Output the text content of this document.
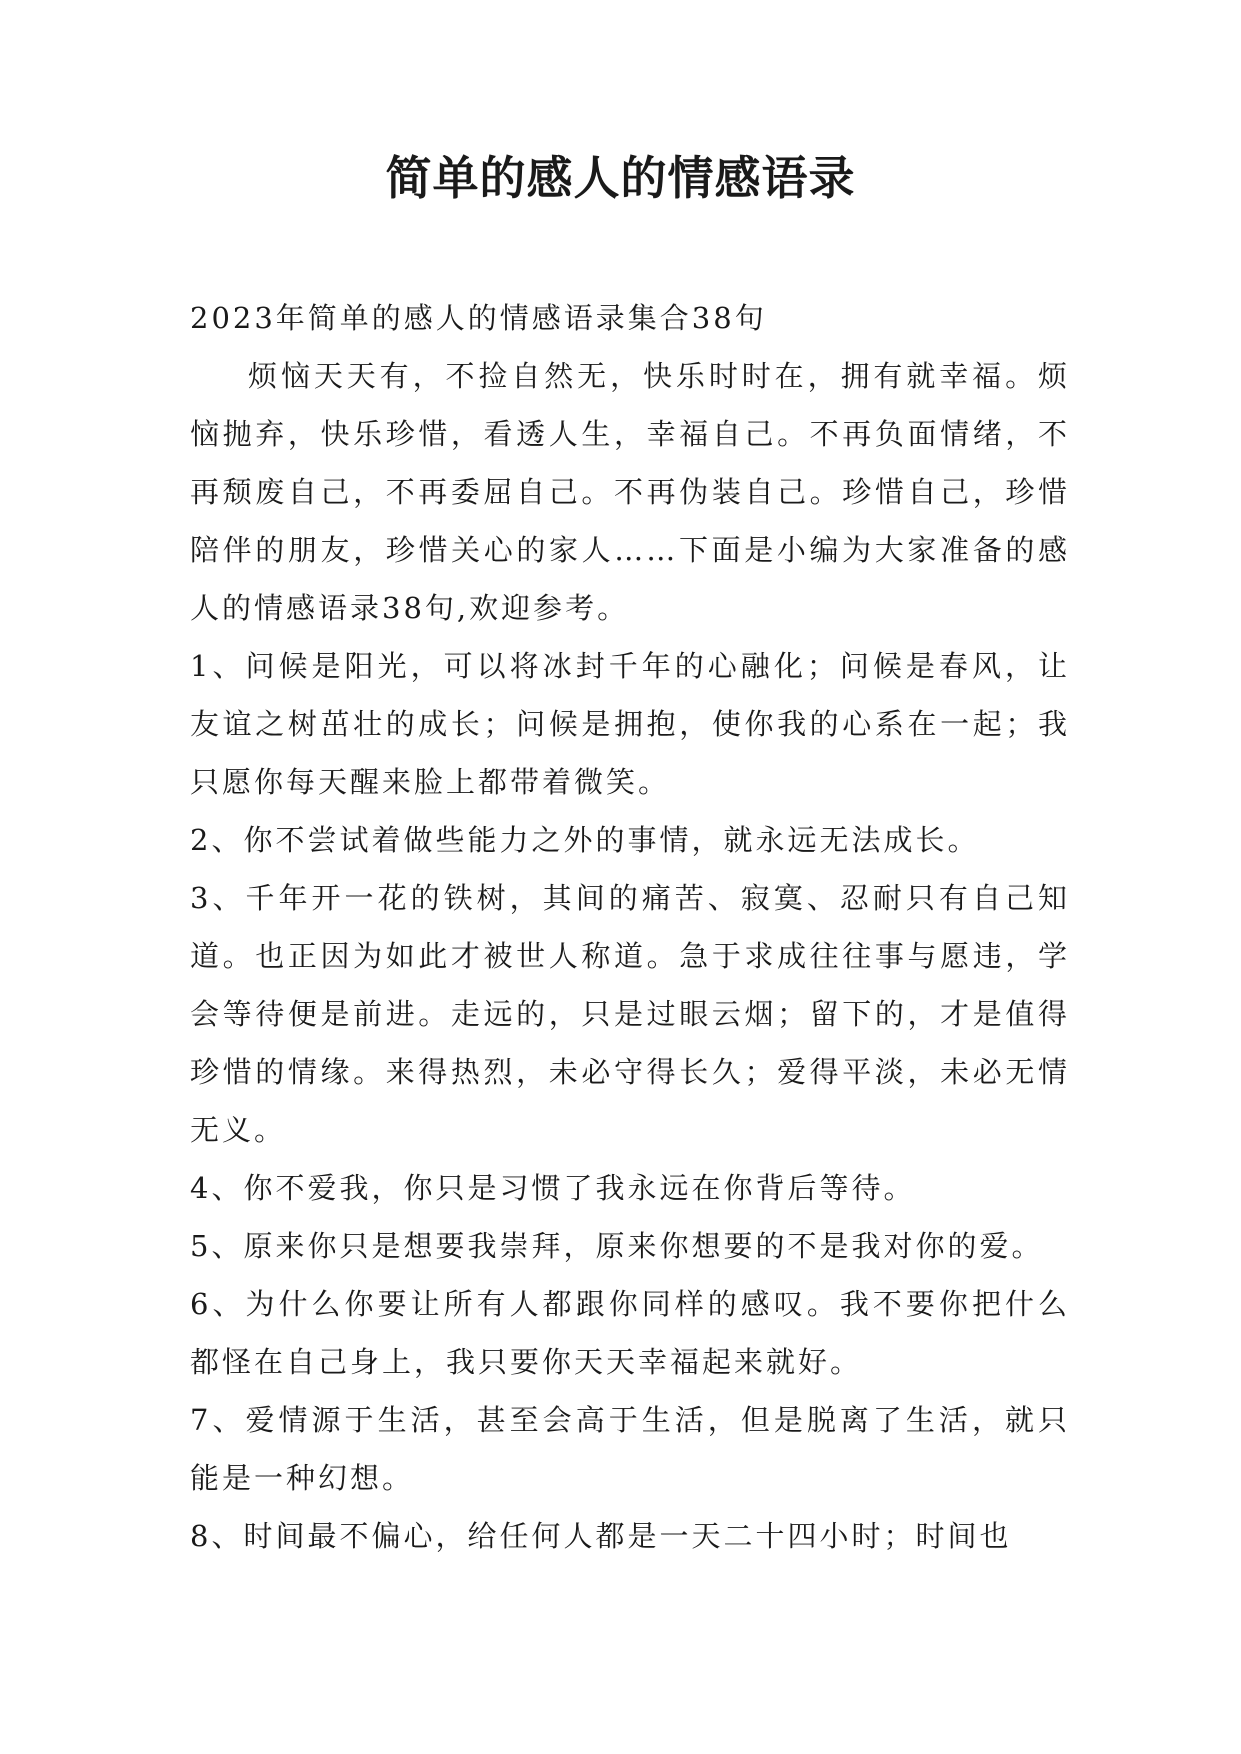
简单的感人的情感语录

2023年简单的感人的情感语录集合38句

烦恼天天有，不捡自然无，快乐时时在，拥有就幸福。烦恼抛弃，快乐珍惜，看透人生，幸福自己。不再负面情绪，不再颓废自己，不再委屈自己。不再伪装自己。珍惜自己，珍惜陪伴的朋友，珍惜关心的家人……下面是小编为大家准备的感人的情感语录38句,欢迎参考。

1、问候是阳光，可以将冰封千年的心融化；问候是春风，让友谊之树茁壮的成长；问候是拥抱，使你我的心系在一起；我只愿你每天醒来脸上都带着微笑。

2、你不尝试着做些能力之外的事情，就永远无法成长。

3、千年开一花的铁树，其间的痛苦、寂寞、忍耐只有自己知道。也正因为如此才被世人称道。急于求成往往事与愿违，学会等待便是前进。走远的，只是过眼云烟；留下的，才是值得珍惜的情缘。来得热烈，未必守得长久；爱得平淡，未必无情无义。

4、你不爱我，你只是习惯了我永远在你背后等待。

5、原来你只是想要我崇拜，原来你想要的不是我对你的爱。

6、为什么你要让所有人都跟你同样的感叹。我不要你把什么都怪在自己身上，我只要你天天幸福起来就好。

7、爱情源于生活，甚至会高于生活，但是脱离了生活，就只能是一种幻想。

8、时间最不偏心，给任何人都是一天二十四小时；时间也
